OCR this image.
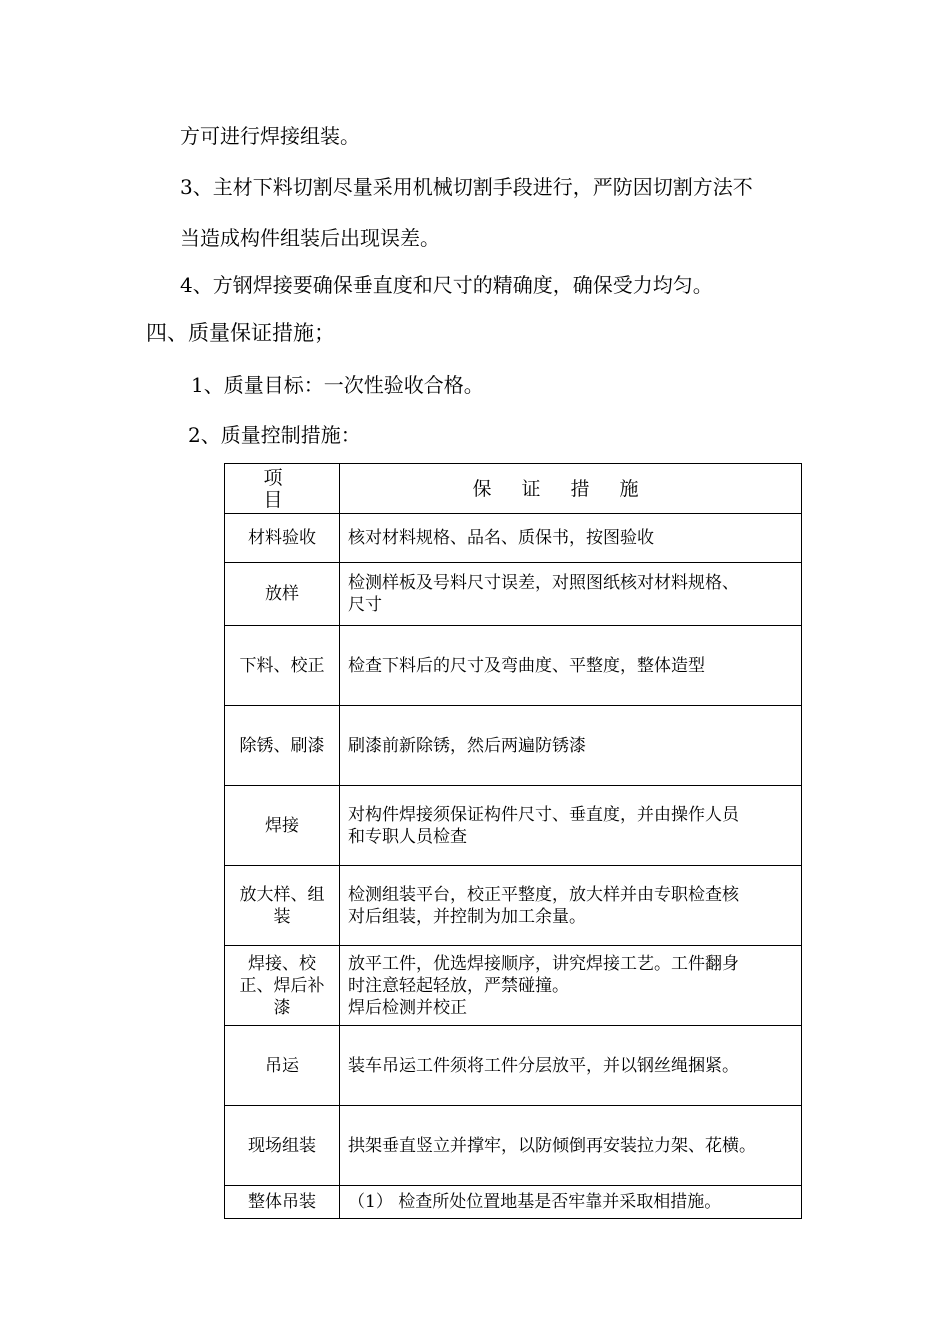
方可进行焊接组装。
3、主材下料切割尽量采用机械切割手段进行，严防因切割方法不
当造成构件组装后出现误差。
4、方钢焊接要确保垂直度和尺寸的精确度，确保受力均匀。
四、质量保证措施；
1、质量目标：一次性验收合格。
2、质量控制措施：
项 目	保证措施
材料验收	核对材料规格、品名、质保书，按图验收

放样	检测样板及号料尺寸误差，对照图纸核对材料规格、
尺寸

下料、校正	检查下料后的尺寸及弯曲度、平整度，整体造型

除锈、刷漆	刷漆前新除锈，然后两遍防锈漆

焊接	对构件焊接须保证构件尺寸、垂直度，并由操作人员
和专职人员检查

放大样、组装	检测组装平台，校正平整度，放大样并由专职检查核
对后组装，并控制为加工余量。

焊接、校正、焊后补漆	放平工件，优选焊接顺序，讲究焊接工艺。工件翻身
时注意轻起轻放，严禁碰撞。
焊后检测并校正

吊运	装车吊运工件须将工件分层放平，并以钢丝绳捆紧。

现场组装	拱架垂直竖立并撑牢，以防倾倒再安装拉力架、花横。

整体吊装	（1） 检查所处位置地基是否牢靠并采取相措施。
